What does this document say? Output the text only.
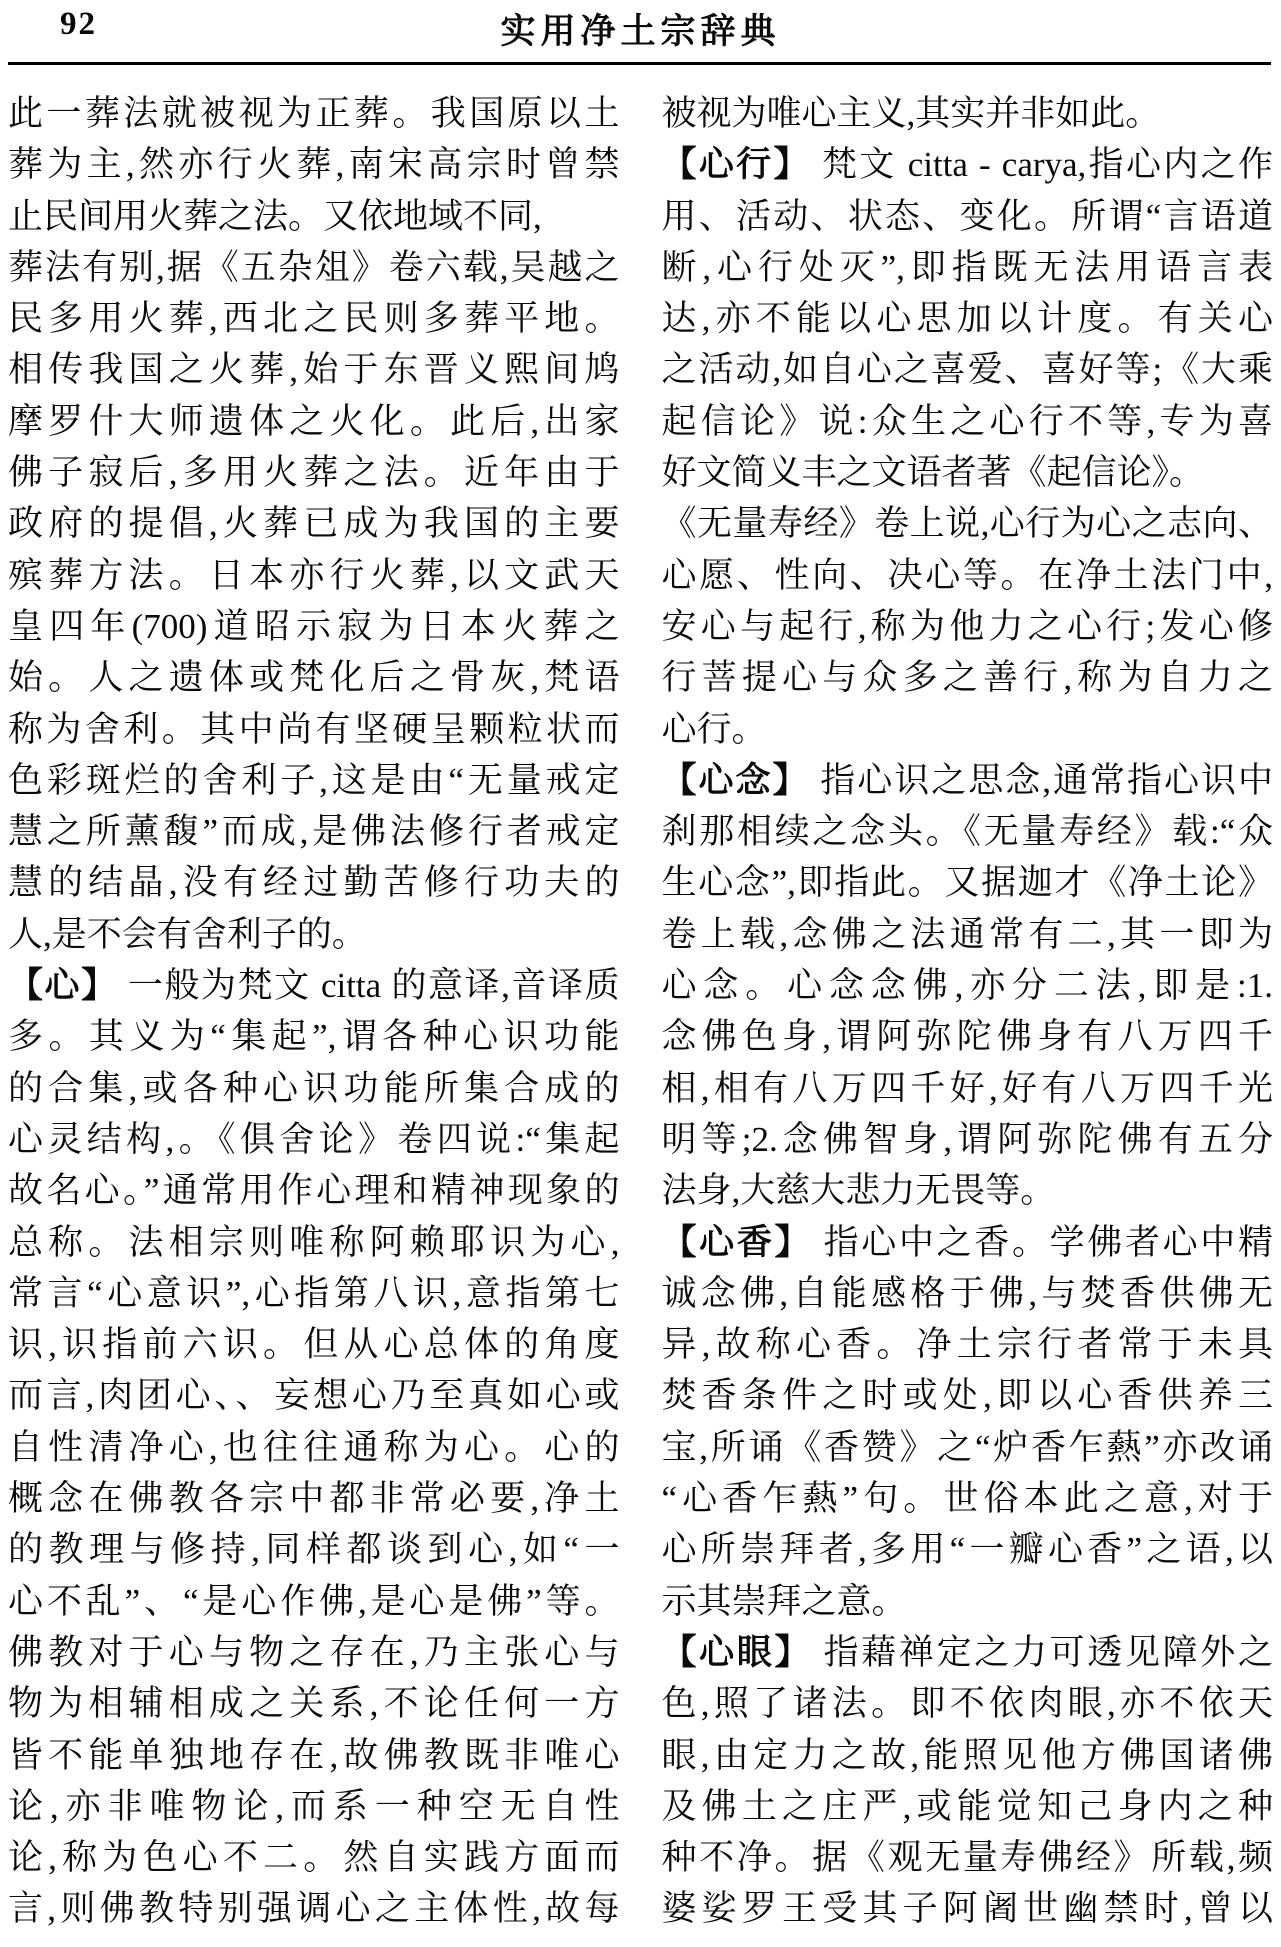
92	实用净土宗辞典
此一葬法就被视为正葬。我国原以土
葬为主,然亦行火葬,南宋高宗时曾禁
止民间用火葬之法。又依地域不同,
葬法有别,据《五杂俎》卷六载,吴越之
民多用火葬,西北之民则多葬平地。
相传我国之火葬,始于东晋义熙间鸠
摩罗什大师遗体之火化。此后,出家
佛子寂后,多用火葬之法。近年由于
政府的提倡,火葬已成为我国的主要
殡葬方法。日本亦行火葬,以文武天
皇四年(700)道昭示寂为日本火葬之
始。人之遗体或梵化后之骨灰,梵语
称为舍利。其中尚有坚硬呈颗粒状而
色彩斑烂的舍利子,这是由“无量戒定
慧之所薰馥”而成,是佛法修行者戒定
慧的结晶,没有经过勤苦修行功夫的
人,是不会有舍利子的。
【心】 一般为梵文 citta 的意译,音译质
多。其义为“集起”,谓各种心识功能
的合集,或各种心识功能所集合成的
心灵结构,。《俱舍论》卷四说:“集起
故名心。”通常用作心理和精神现象的
总称。法相宗则唯称阿赖耶识为心,
常言“心意识”,心指第八识,意指第七
识,识指前六识。但从心总体的角度
而言,肉团心、、妄想心乃至真如心或
自性清净心,也往往通称为心。心的
概念在佛教各宗中都非常必要,净土
的教理与修持,同样都谈到心,如“一
心不乱”、“是心作佛,是心是佛”等。
佛教对于心与物之存在,乃主张心与
物为相辅相成之关系,不论任何一方
皆不能单独地存在,故佛教既非唯心
论,亦非唯物论,而系一种空无自性
论,称为色心不二。然自实践方面而
言,则佛教特别强调心之主体性,故每
被视为唯心主义,其实并非如此。
【心行】 梵文 citta - carya,指心内之作
用、活动、状态、变化。所谓“言语道
断,心行处灭”,即指既无法用语言表
达,亦不能以心思加以计度。有关心
之活动,如自心之喜爱、喜好等;《大乘
起信论》说:众生之心行不等,专为喜
好文简义丰之文语者著《起信论》。
《无量寿经》卷上说,心行为心之志向、
心愿、性向、决心等。在净土法门中,
安心与起行,称为他力之心行;发心修
行菩提心与众多之善行,称为自力之
心行。
【心念】 指心识之思念,通常指心识中
刹那相续之念头。《无量寿经》载:“众
生心念”,即指此。又据迦才《净土论》
卷上载,念佛之法通常有二,其一即为
心念。心念念佛,亦分二法,即是:1.
念佛色身,谓阿弥陀佛身有八万四千
相,相有八万四千好,好有八万四千光
明等;2.念佛智身,谓阿弥陀佛有五分
法身,大慈大悲力无畏等。
【心香】 指心中之香。学佛者心中精
诚念佛,自能感格于佛,与焚香供佛无
异,故称心香。净土宗行者常于未具
焚香条件之时或处,即以心香供养三
宝,所诵《香赞》之“炉香乍爇”亦改诵
“心香乍爇”句。世俗本此之意,对于
心所崇拜者,多用“一瓣心香”之语,以
示其崇拜之意。
【心眼】 指藉禅定之力可透见障外之
色,照了诸法。即不依肉眼,亦不依天
眼,由定力之故,能照见他方佛国诸佛
及佛土之庄严,或能觉知己身内之种
种不净。据《观无量寿佛经》所载,频
婆娑罗王受其子阿阇世幽禁时,曾以
